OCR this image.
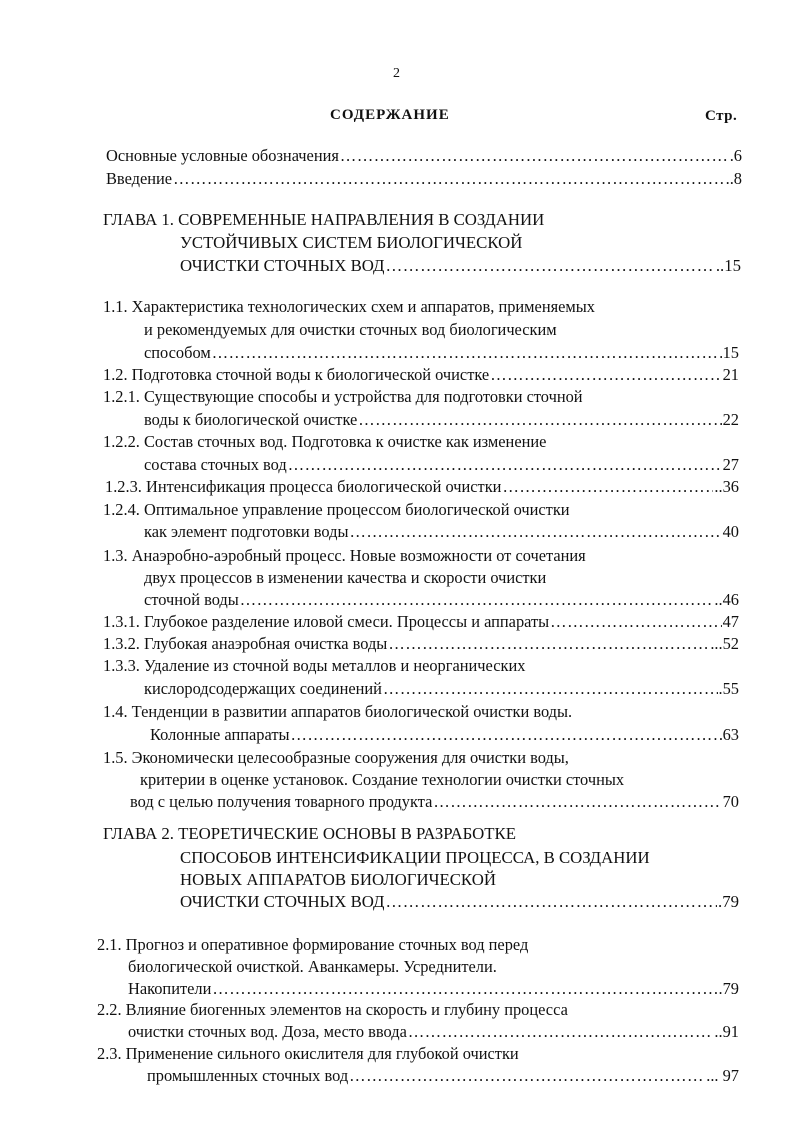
2
СОДЕРЖАНИЕ	Стр.
Основные условные обозначения ………………………………………………………………………………………………………………………………………………………………	.6
Введение ………………………………………………………………………………………………………………………………………………………………	..8
ГЛАВА 1. СОВРЕМЕННЫЕ НАПРАВЛЕНИЯ В СОЗДАНИИ
УСТОЙЧИВЫХ СИСТЕМ БИОЛОГИЧЕСКОЙ
ОЧИСТКИ СТОЧНЫХ ВОД ………………………………………………………………………………………………………………………………………………………………	..15
1.1. Характеристика технологических схем и аппаратов, применяемых
и рекомендуемых для очистки сточных вод биологическим
способом ………………………………………………………………………………………………………………………………………………………………	15
1.2. Подготовка сточной воды к биологической очистке ………………………………………………………………………………………………………………………………………………………………	21
1.2.1. Существующие способы и устройства для подготовки сточной
воды к биологической очистке ………………………………………………………………………………………………………………………………………………………………	22
1.2.2. Состав сточных вод. Подготовка к очистке как изменение
состава сточных вод ………………………………………………………………………………………………………………………………………………………………	27
1.2.3. Интенсификация процесса биологической очистки ………………………………………………………………………………………………………………………………………………………………	..36
1.2.4. Оптимальное управление процессом биологической очистки
как элемент подготовки воды ………………………………………………………………………………………………………………………………………………………………	40
1.3. Анаэробно-аэробный процесс. Новые возможности от сочетания
двух процессов в изменении качества и скорости очистки
сточной воды ………………………………………………………………………………………………………………………………………………………………	..46
1.3.1. Глубокое разделение иловой смеси. Процессы и аппараты ………………………………………………………………………………………………………………………………………………………………	47
1.3.2. Глубокая анаэробная очистка воды ………………………………………………………………………………………………………………………………………………………………	...52
1.3.3. Удаление из сточной воды металлов и неорганических
кислородсодержащих соединений ………………………………………………………………………………………………………………………………………………………………	.55
1.4. Тенденции в развитии аппаратов биологической очистки воды.
Колонные аппараты ………………………………………………………………………………………………………………………………………………………………	63
1.5. Экономически целесообразные сооружения для очистки воды,
критерии в оценке установок. Создание технологии очистки сточных
вод с целью получения товарного продукта ………………………………………………………………………………………………………………………………………………………………	70
ГЛАВА 2. ТЕОРЕТИЧЕСКИЕ ОСНОВЫ В РАЗРАБОТКЕ
СПОСОБОВ ИНТЕНСИФИКАЦИИ ПРОЦЕССА, В СОЗДАНИИ
НОВЫХ АППАРАТОВ БИОЛОГИЧЕСКОЙ
ОЧИСТКИ СТОЧНЫХ ВОД ………………………………………………………………………………………………………………………………………………………………	.79
2.1. Прогноз и оперативное формирование сточных вод перед
биологической очисткой. Аванкамеры. Усреднители.
Накопители ………………………………………………………………………………………………………………………………………………………………	.79
2.2. Влияние биогенных элементов на скорость и глубину процесса
очистки сточных вод. Доза, место ввода ………………………………………………………………………………………………………………………………………………………………	..91
2.3. Применение сильного окислителя для глубокой очистки
промышленных сточных вод ………………………………………………………………………………………………………………………………………………………………	... 97
